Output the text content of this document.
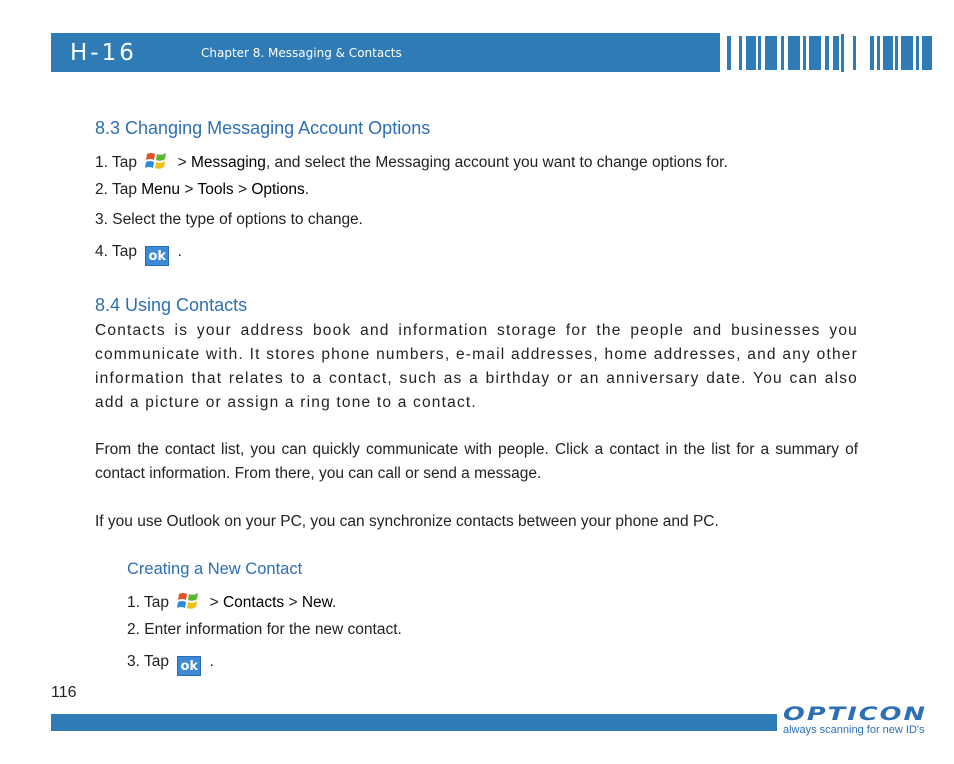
H-16	Chapter 8. Messaging & Contacts
8.3 Changing Messaging Account Options
1. Tap	> Messaging, and select the Messaging account you want to change options for.
2. Tap Menu > Tools > Options.
3. Select the type of options to change.
4. Tap ok .
8.4 Using Contacts
Contacts is your address book and information storage for the people and businesses you communicate with. It stores phone numbers, e-mail addresses, home addresses, and any other information that relates to a contact, such as a birthday or an anniversary date. You can also add a picture or assign a ring tone to a contact.
From the contact list, you can quickly communicate with people. Click a contact in the list for a summary of contact information. From there, you can call or send a message.
If you use Outlook on your PC, you can synchronize contacts between your phone and PC.
Creating a New Contact
1. Tap	> Contacts > New.
2. Enter information for the new contact.
3. Tap ok .
116
OPTICON
always scanning for new ID's
